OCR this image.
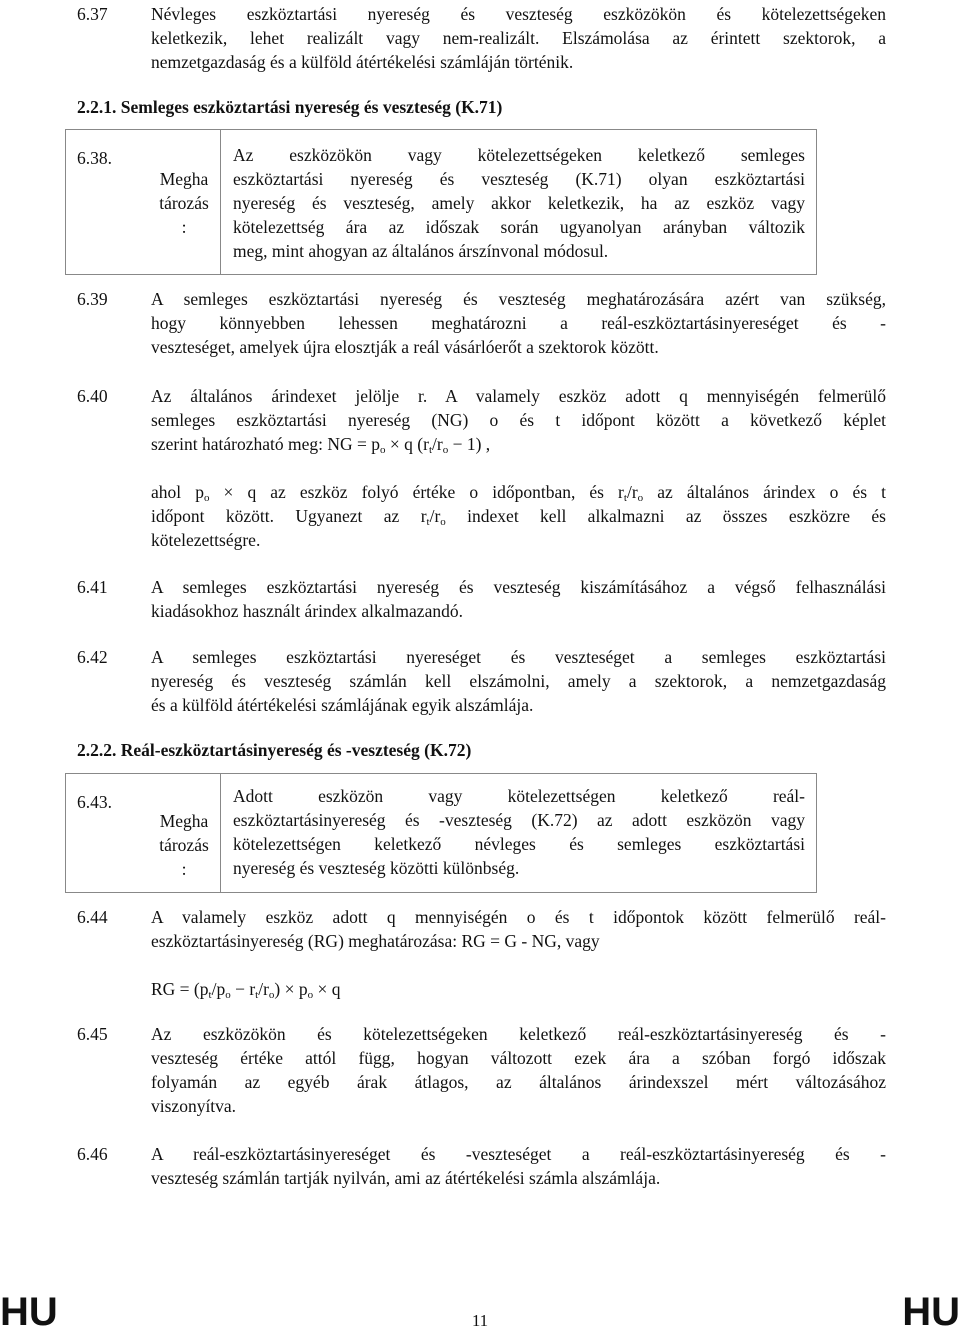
6.37 Névleges eszköztartási nyereség és veszteség eszközökön és kötelezettségeken

keletkezik, lehet realizált vagy nem-realizált. Elszámolása az érintett szektorok, a

nemzetgazdaság és a külföld átértékelési számláján történik.

2.2.1. Semleges eszköztartási nyereség és veszteség (K.71)
6.38.
Megha
tározás
:

Az eszközökön vagy kötelezettségeken keletkező semleges

eszköztartási nyereség és veszteség (K.71) olyan eszköztartási

nyereség és veszteség, amely akkor keletkezik, ha az eszköz vagy

kötelezettség ára az időszak során ugyanolyan arányban változik

meg, mint ahogyan az általános árszínvonal módosul.

6.39 A semleges eszköztartási nyereség és veszteség meghatározására azért van szükség,

hogy könnyebben lehessen meghatározni a reál-eszköztartásinyereséget és -

veszteséget, amelyek újra elosztják a reál vásárlóerőt a szektorok között.

6.40 Az általános árindexet jelölje r. A valamely eszköz adott q mennyiségén felmerülő

semleges eszköztartási nyereség (NG) o és t időpont között a következő képlet

szerint határozható meg: NG = $p_o \times q$ $(r_t/r_o - 1)$ ,

ahol $p_o \times q$ az eszköz folyó értéke o időpontban, és $r_t/r_o$ az általános árindex o és t

időpont között. Ugyanezt az $r_t/r_o$ indexet kell alkalmazni az összes eszközre és

kötelezettségre.

6.41 A semleges eszköztartási nyereség és veszteség kiszámításához a végső felhasználási

kiadásokhoz használt árindex alkalmazandó.

6.42 A semleges eszköztartási nyereséget és veszteséget a semleges eszköztartási

nyereség és veszteség számlán kell elszámolni, amely a szektorok, a nemzetgazdaság

és a külföld átértékelési számlájának egyik alszámlája.

2.2.2. Reál-eszköztartásinyereség és -veszteség (K.72)
6.43.
Megha
tározás
:

Adott eszközön vagy kötelezettségen keletkező reál-

eszköztartásinyereség és -veszteség (K.72) az adott eszközön vagy

kötelezettségen keletkező névleges és semleges eszköztartási

nyereség és veszteség közötti különbség.

6.44 A valamely eszköz adott q mennyiségén o és t időpontok között felmerülő reál-

eszköztartásinyereség (RG) meghatározása: RG = G - NG, vagy

RG = $(p_t/p_o - r_t/r_o) \times p_o \times q$

6.45 Az eszközökön és kötelezettségeken keletkező reál-eszköztartásinyereség és -

veszteség értéke attól függ, hogyan változott ezek ára a szóban forgó időszak

folyamán az egyéb árak átlagos, az általános árindexszel mért változásához

viszonyítva.

6.46 A reál-eszköztartásinyereséget és -veszteséget a reál-eszköztartásinyereség és -

veszteség számlán tartják nyilván, ami az átértékelési számla alszámlája.

HU	11	HU
